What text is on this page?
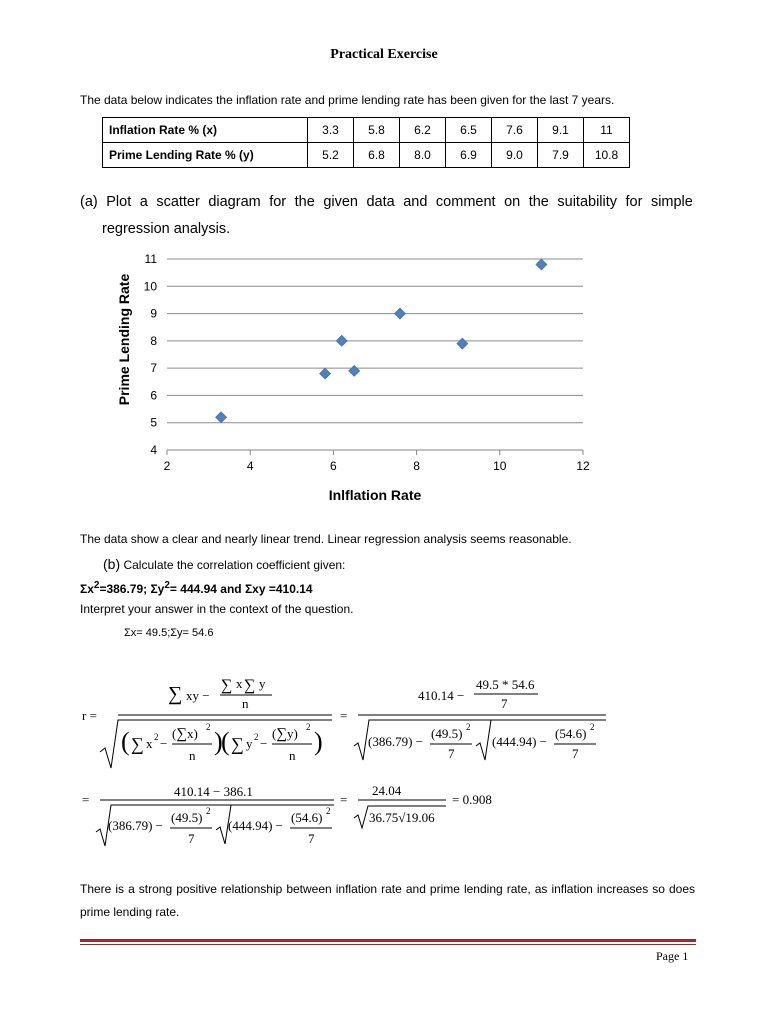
Practical Exercise
The data below indicates the inflation rate and prime lending rate has been given for the last 7 years.
Inflation Rate % (x)	3.3	5.8	6.2	6.5	7.6	9.1	11
Prime Lending Rate % (y)	5.2	6.8	8.0	6.9	9.0	7.9	10.8
(a) Plot a scatter diagram for the given data and comment on the suitability for simple
regression analysis.
4
5
6
7
8
9
10
11
2	4	6	8	10	12
Inlflation Rate
Prime Lending Rate
The data show a clear and nearly linear trend. Linear regression analysis seems reasonable.
(b) Calculate the correlation coefficient given:
$\Sigma x^2=386.79$; $\Sigma y^2= 444.94$ and Σxy =410.14
Interpret your answer in the context of the question.
Σx= 49.5;Σy= 54.6
r =
∑ xy −
∑ x ∑ y
n
( ∑ x 2 −
(∑x) 2
n )
( ∑ y 2 −
(∑y) 2
n )
=
410.14 −
49.5 * 54.6
7
(386.79) −
(49.5) 2
7
(444.94) −
(54.6) 2
7
=
410.14 − 386.1
(386.79) −
(49.5) 2
7
(444.94) −
(54.6) 2
7
=
24.04
36.75√19.06
= 0.908
There is a strong positive relationship between inflation rate and prime lending rate, as inflation increases so does prime lending rate.
Page 1
